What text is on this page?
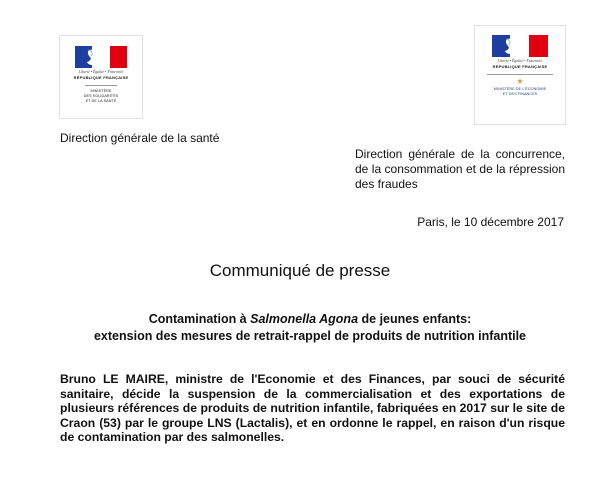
Liberté • Égalité • Fraternité
RÉPUBLIQUE FRANÇAISE
MINISTÈRE
DES SOLIDARITÉS
ET DE LA SANTÉ
Liberté • Égalité • Fraternité
RÉPUBLIQUE FRANÇAISE
MINISTÈRE DE L'ÉCONOMIE
ET DES FINANCES
Direction générale de la santé
Direction générale de la concurrence, de la consommation et de la répression des fraudes
Paris, le 10 décembre 2017
Communiqué de presse
Contamination à Salmonella Agona de jeunes enfants:
extension des mesures de retrait-rappel de produits de nutrition infantile
Bruno LE MAIRE, ministre de l'Economie et des Finances, par souci de sécurité sanitaire, décide la suspension de la commercialisation et des exportations de plusieurs références de produits de nutrition infantile, fabriquées en 2017 sur le site de Craon (53) par le groupe LNS (Lactalis), et en ordonne le rappel, en raison d'un risque de contamination par des salmonelles.
